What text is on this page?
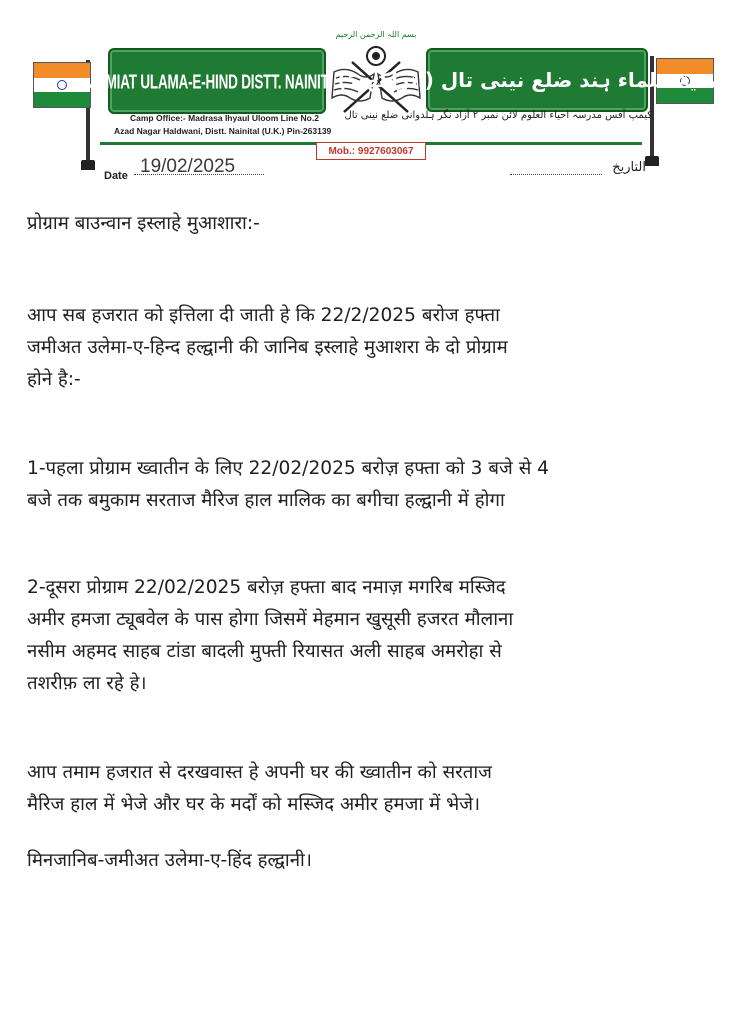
JAMIAT ULAMA-E-HIND DISTT. NAINITAL
بسم اللہ الرحمن الرحیم
جمعیۃ علماء ہند ضلع نینی تال (اتراکھنڈ)
Camp Office:- Madrasa Ihyaul Uloom Line No.2
Azad Nagar Haldwani, Distt. Nainital (U.K.) Pin-263139
کیمپ آفس مدرسہ احیاء العلوم لائن نمبر ۲ آزاد نگر ہلدوانی ضلع نینی تال
Mob.: 9927603067
Date 19/02/2025	التاریخ
प्रोग्राम बाउन्वान इस्लाहे मुआशारा:-
आप सब हजरात को इत्तिला दी जाती हे कि 22/2/2025 बरोज हफ्ता
जमीअत उलेमा-ए-हिन्द हल्द्वानी की जानिब इस्लाहे मुआशरा के दो प्रोग्राम
होने है:-
1-पहला प्रोग्राम ख्वातीन के लिए 22/02/2025 बरोज़ हफ्ता को 3 बजे से 4
बजे तक बमुकाम सरताज मैरिज हाल मालिक का बगीचा हल्द्वानी में होगा
2-दूसरा प्रोग्राम 22/02/2025 बरोज़ हफ्ता बाद नमाज़ मगरिब मस्जिद
अमीर हमजा ट्यूबवेल के पास होगा जिसमें मेहमान खुसूसी हजरत मौलाना
नसीम अहमद साहब टांडा बादली मुफ्ती रियासत अली साहब अमरोहा से
तशरीफ़ ला रहे हे।
आप तमाम हजरात से दरखवास्त हे अपनी घर की ख्वातीन को सरताज
मैरिज हाल में भेजे और घर के मर्दों को मस्जिद अमीर हमजा में भेजे।
मिनजानिब-जमीअत उलेमा-ए-हिंद हल्द्वानी।
